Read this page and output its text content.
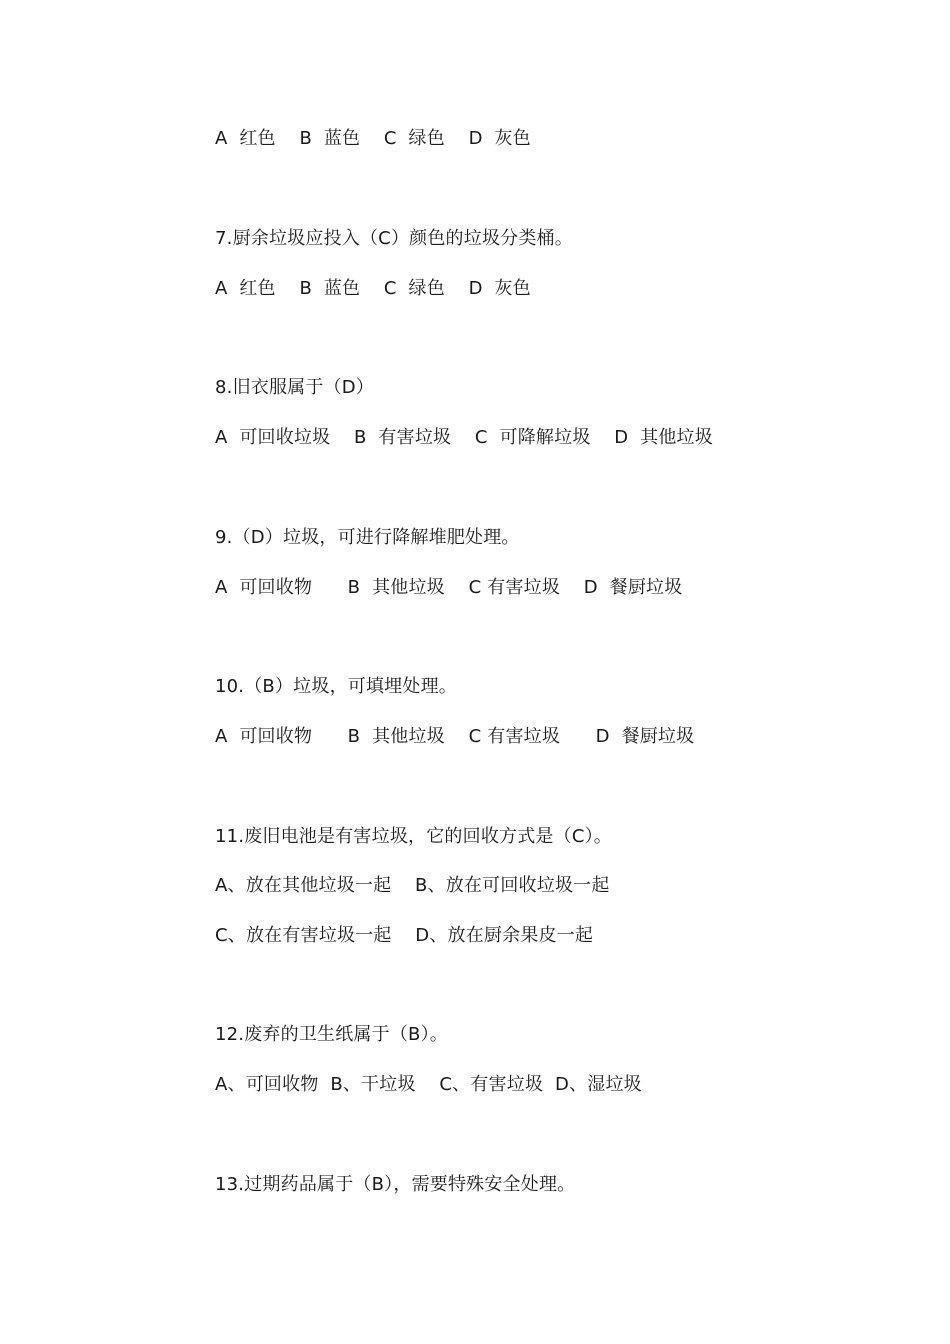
A  红色    B  蓝色    C  绿色    D  灰色
7.厨余垃圾应投入（C）颜色的垃圾分类桶。
A  红色    B  蓝色    C  绿色    D  灰色
8.旧衣服属于（D）
A  可回收垃圾    B  有害垃圾    C  可降解垃圾    D  其他垃圾
9.（D）垃圾，可进行降解堆肥处理。
A  可回收物      B  其他垃圾    C 有害垃圾    D  餐厨垃圾
10.（B）垃圾，可填埋处理。
A  可回收物      B  其他垃圾    C 有害垃圾      D  餐厨垃圾
11.废旧电池是有害垃圾，它的回收方式是（C）。
A、放在其他垃圾一起    B、放在可回收垃圾一起
C、放在有害垃圾一起    D、放在厨余果皮一起
12.废弃的卫生纸属于（B）。
A、可回收物  B、干垃圾    C、有害垃圾  D、湿垃圾
13.过期药品属于（B），需要特殊安全处理。
